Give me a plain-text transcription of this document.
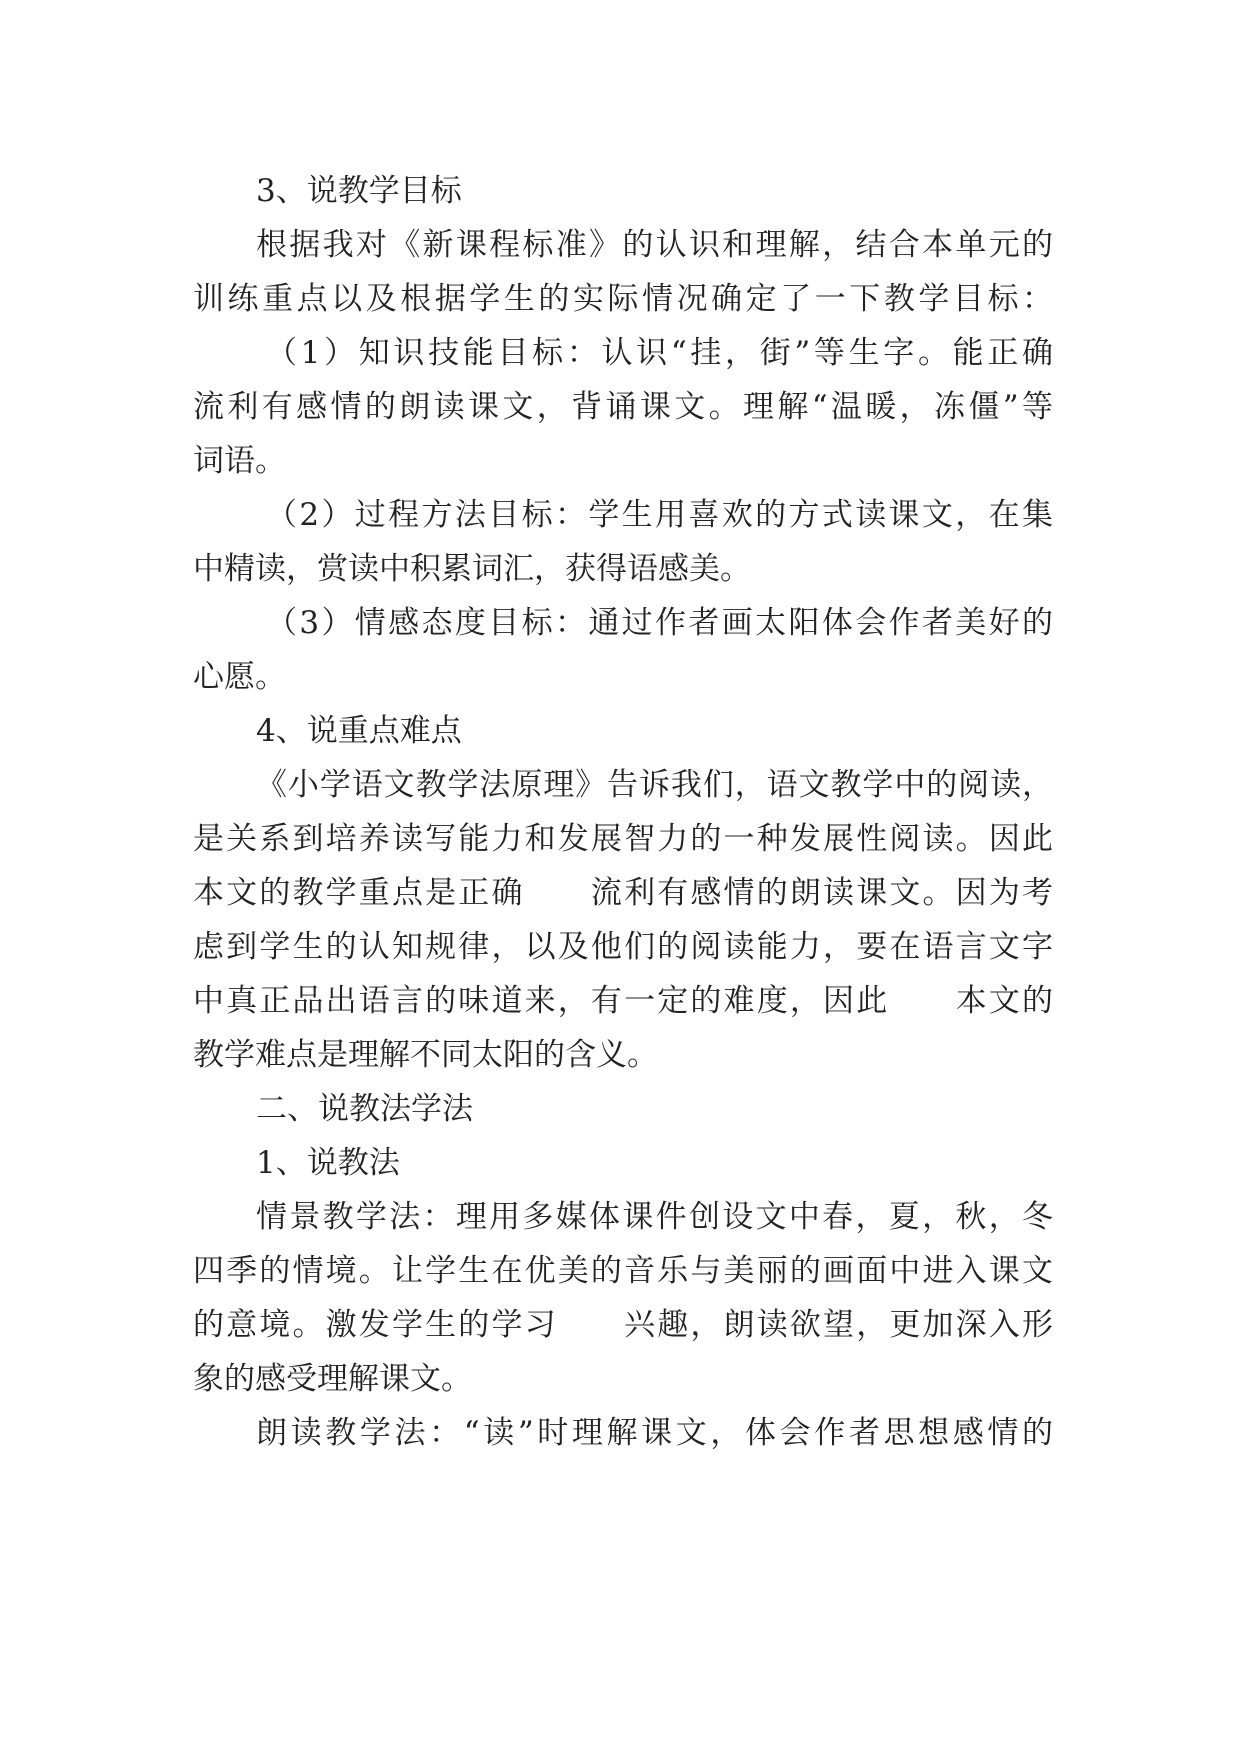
3、说教学目标
根据我对《新课程标准》的认识和理解，结合本单元的
训练重点以及根据学生的实际情况确定了一下教学目标：
（1）知识技能目标：认识“挂，街”等生字。能正确
流利有感情的朗读课文，背诵课文。理解“温暖，冻僵”等
词语。
（2）过程方法目标：学生用喜欢的方式读课文，在集
中精读，赏读中积累词汇，获得语感美。
（3）情感态度目标：通过作者画太阳体会作者美好的
心愿。
4、说重点难点
《小学语文教学法原理》告诉我们，语文教学中的阅读，
是关系到培养读写能力和发展智力的一种发展性阅读。因此
本文的教学重点是正确　　流利有感情的朗读课文。因为考
虑到学生的认知规律，以及他们的阅读能力，要在语言文字
中真正品出语言的味道来，有一定的难度，因此　　本文的
教学难点是理解不同太阳的含义。
二、说教法学法
1、说教法
情景教学法：理用多媒体课件创设文中春，夏，秋，冬
四季的情境。让学生在优美的音乐与美丽的画面中进入课文
的意境。激发学生的学习　　兴趣，朗读欲望，更加深入形
象的感受理解课文。
朗读教学法：“读”时理解课文，体会作者思想感情的
